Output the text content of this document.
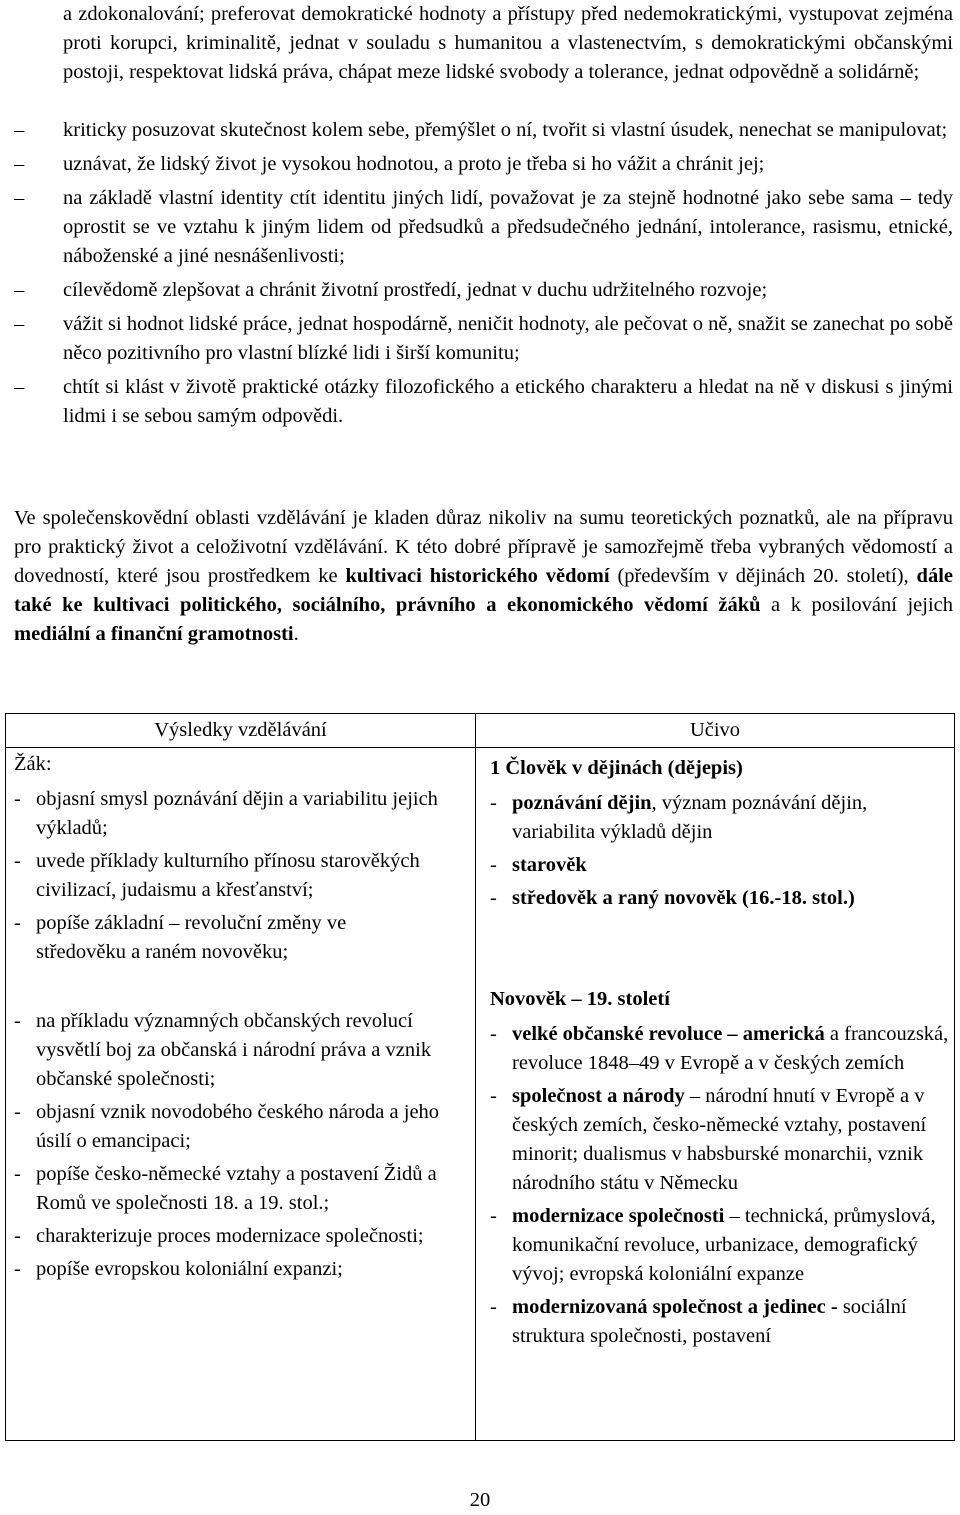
a zdokonalování; preferovat demokratické hodnoty a přístupy před nedemokratickými, vystupovat zejména proti korupci, kriminalitě, jednat v souladu s humanitou a vlastenectvím, s demokratickými občanskými postoji, respektovat lidská práva, chápat meze lidské svobody a tolerance, jednat odpovědně a solidárně;
– kriticky posuzovat skutečnost kolem sebe, přemýšlet o ní, tvořit si vlastní úsudek, nenechat se manipulovat;
– uznávat, že lidský život je vysokou hodnotou, a proto je třeba si ho vážit a chránit jej;
– na základě vlastní identity ctít identitu jiných lidí, považovat je za stejně hodnotné jako sebe sama – tedy oprostit se ve vztahu k jiným lidem od předsudků a předsudečného jednání, intolerance, rasismu, etnické, náboženské a jiné nesnášenlivosti;
– cílevědomě zlepšovat a chránit životní prostředí, jednat v duchu udržitelného rozvoje;
– vážit si hodnot lidské práce, jednat hospodárně, neničit hodnoty, ale pečovat o ně, snažit se zanechat po sobě něco pozitivního pro vlastní blízké lidi i širší komunitu;
– chtít si klást v životě praktické otázky filozofického a etického charakteru a hledat na ně v diskusi s jinými lidmi i se sebou samým odpovědi.
Ve společenskovědní oblasti vzdělávání je kladen důraz nikoliv na sumu teoretických poznatků, ale na přípravu pro praktický život a celoživotní vzdělávání. K této dobré přípravě je samozřejmě třeba vybraných vědomostí a dovedností, které jsou prostředkem ke kultivaci historického vědomí (především v dějinách 20. století), dále také ke kultivaci politického, sociálního, právního a ekonomického vědomí žáků a k posilování jejich mediální a finanční gramotnosti.
Výsledky vzdělávání	Učivo
Žák:
- objasní smysl poznávání dějin a variabilitu jejich výkladů;
- uvede příklady kulturního přínosu starověkých civilizací, judaismu a křesťanství;
- popíše základní – revoluční změny ve středověku a raném novověku;
- na příkladu významných občanských revolucí vysvětlí boj za občanská i národní práva a vznik občanské společnosti;
- objasní vznik novodobého českého národa a jeho úsilí o emancipaci;
- popíše česko-německé vztahy a postavení Židů a Romů ve společnosti 18. a 19. stol.;
- charakterizuje proces modernizace společnosti;
- popíše evropskou koloniální expanzi;
1 Člověk v dějinách (dějepis)
- poznávání dějin, význam poznávání dějin, variabilita výkladů dějin
- starověk
- středověk a raný novověk (16.-18. stol.)
Novověk – 19. století
- velké občanské revoluce – americká a francouzská, revoluce 1848–49 v Evropě a v českých zemích
- společnost a národy – národní hnutí v Evropě a v českých zemích, česko-německé vztahy, postavení minorit; dualismus v habsburské monarchii, vznik národního státu v Německu
- modernizace společnosti – technická, průmyslová, komunikační revoluce, urbanizace, demografický vývoj; evropská koloniální expanze
- modernizovaná společnost a jedinec - sociální struktura společnosti, postavení
20
